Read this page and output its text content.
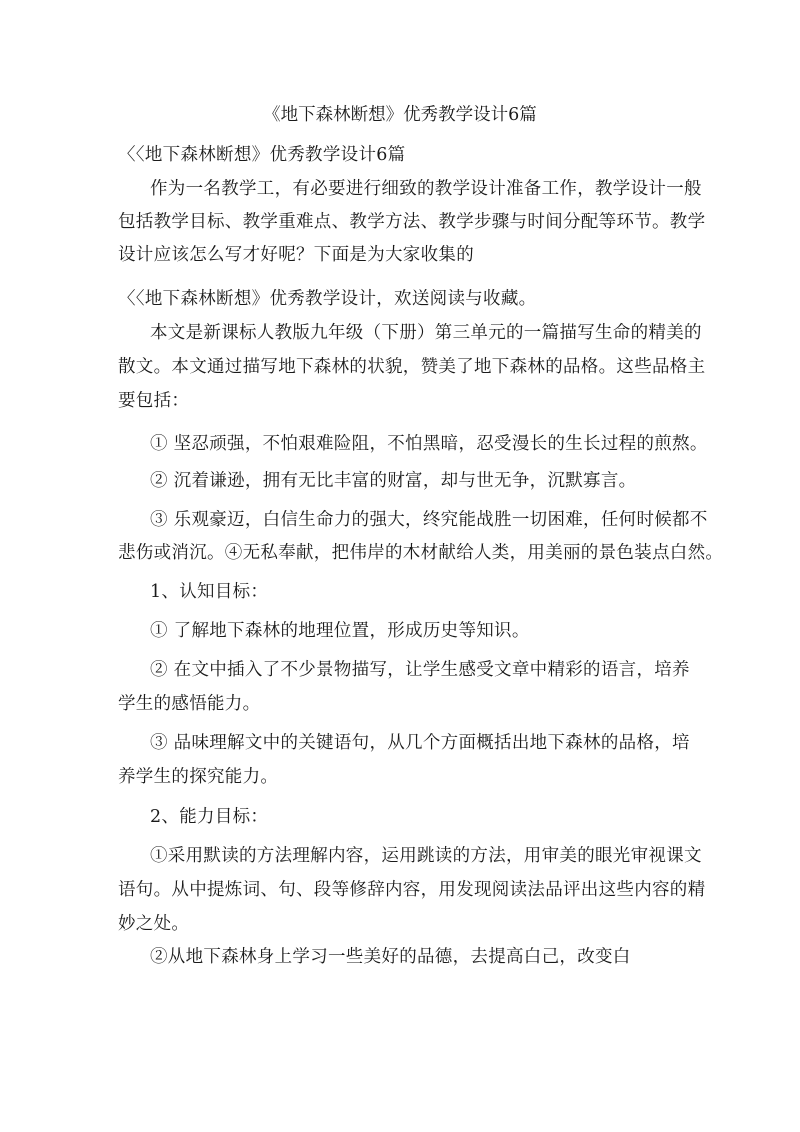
《地下森林断想》优秀教学设计6篇
〈〈地下森林断想》优秀教学设计6篇
作为一名教学工，有必要进行细致的教学设计准备工作，教学设计一般
包括教学目标、教学重难点、教学方法、教学步骤与时间分配等环节。教学
设计应该怎么写才好呢？下面是为大家收集的
〈〈地下森林断想》优秀教学设计，欢送阅读与收藏。
本文是新课标人教版九年级（下册）第三单元的一篇描写生命的精美的
散文。本文通过描写地下森林的状貌，赞美了地下森林的品格。这些品格主
要包括：
① 坚忍顽强，不怕艰难险阻，不怕黑暗，忍受漫长的生长过程的煎熬。
② 沉着谦逊，拥有无比丰富的财富，却与世无争，沉默寡言。
③ 乐观豪迈，白信生命力的强大，终究能战胜一切困难，任何时候都不
悲伤或消沉。④无私奉献，把伟岸的木材献给人类，用美丽的景色装点白然。
1、认知目标：
① 了解地下森林的地理位置，形成历史等知识。
② 在文中插入了不少景物描写，让学生感受文章中精彩的语言，培养
学生的感悟能力。
③ 品味理解文中的关键语句，从几个方面概括出地下森林的品格，培
养学生的探究能力。
2、能力目标：
①采用默读的方法理解内容，运用跳读的方法，用审美的眼光审视课文
语句。从中提炼词、句、段等修辞内容，用发现阅读法品评出这些内容的精
妙之处。
②从地下森林身上学习一些美好的品德，去提高白己，改变白
